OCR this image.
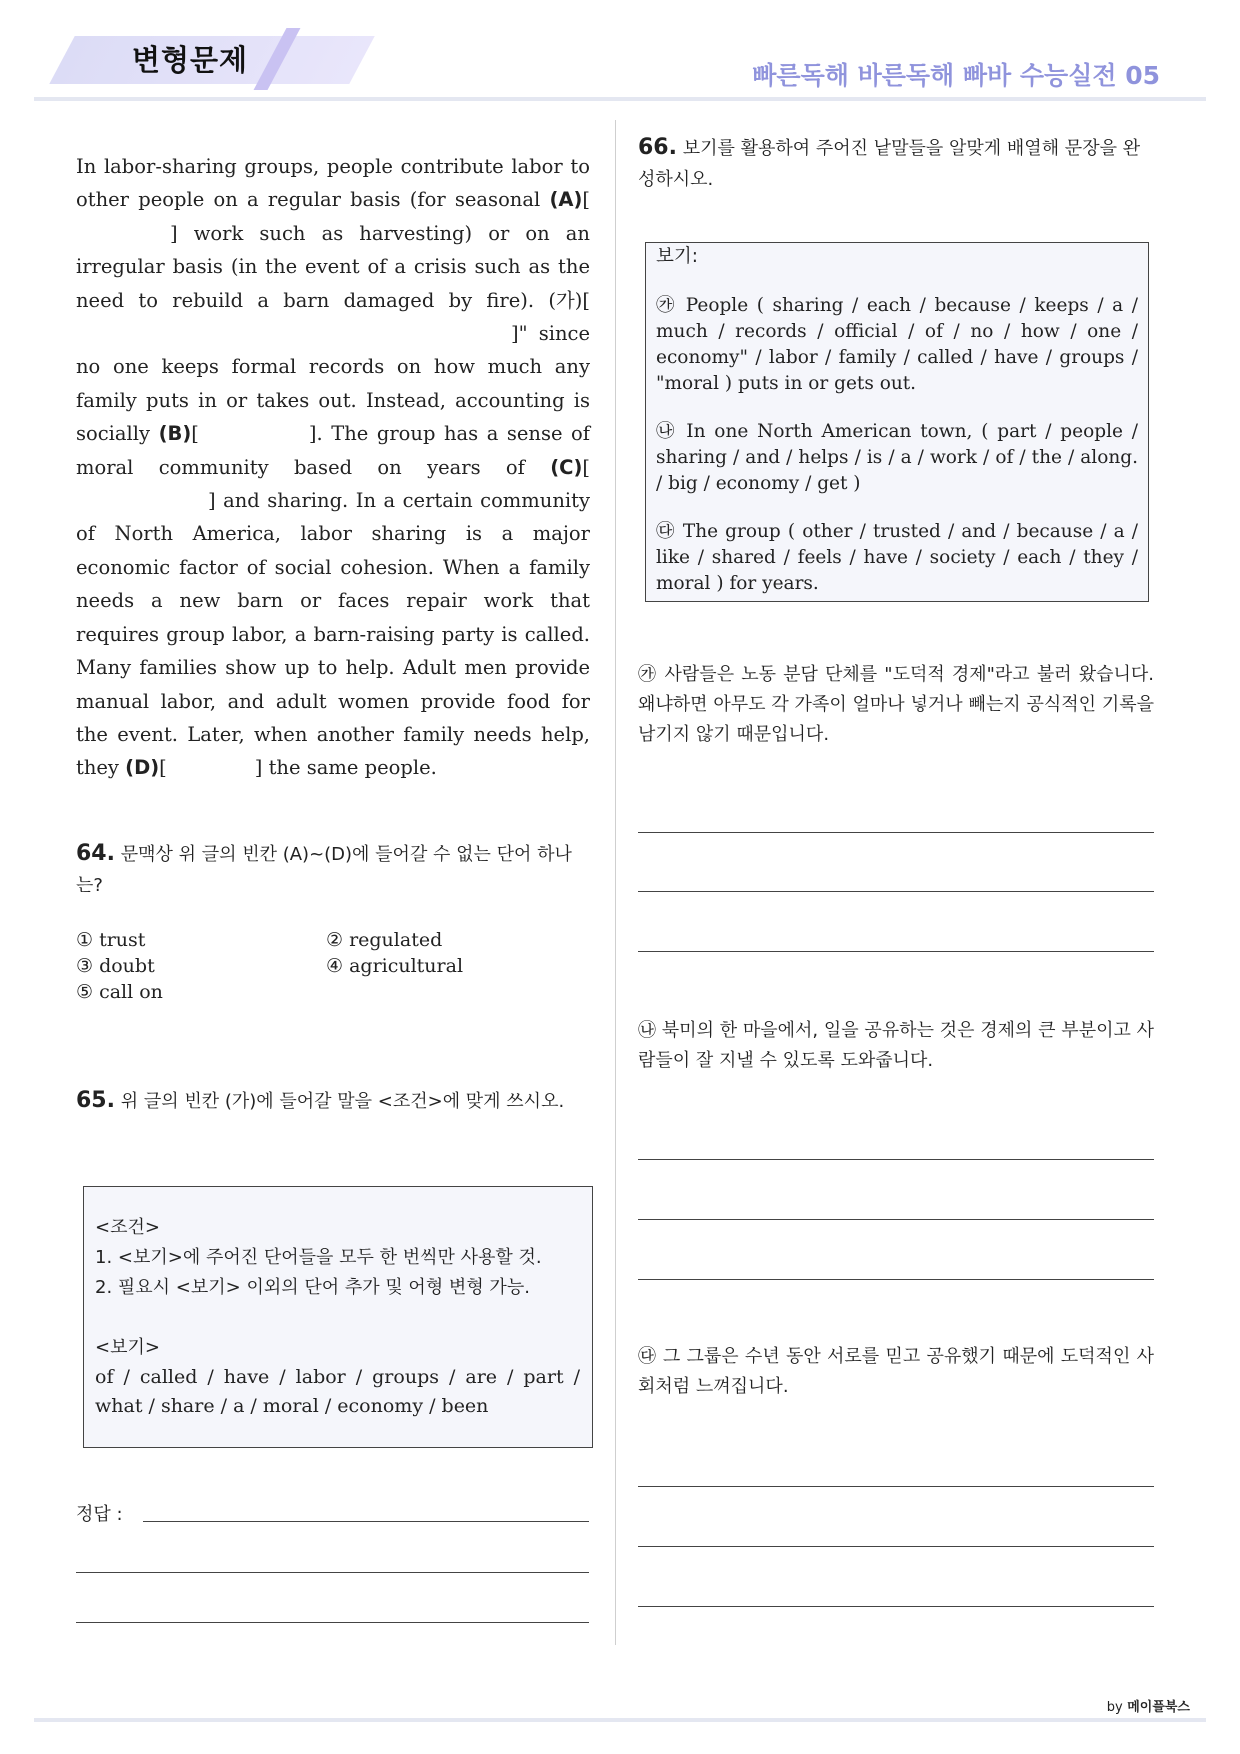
변형문제	빠른독해 바른독해 빠바 수능실전 05

In labor-sharing groups, people contribute labor to other people on a regular basis (for seasonal (A)[] work such as harvesting) or on an irregular basis (in the event of a crisis such as the need to rebuild a barn damaged by fire). (가)[]" since no one keeps formal records on how much any family puts in or takes out. Instead, accounting is socially (B)[	]. The group has a sense of moral community based on years of (C)[] and sharing. In a certain community of North America, labor sharing is a major economic factor of social cohesion. When a family needs a new barn or faces repair work that requires group labor, a barn-raising party is called. Many families show up to help. Adult men provide manual labor, and adult women provide food for the event. Later, when another family needs help, they (D)[	] the same people.

64. 문맥상 위 글의 빈칸 (A)~(D)에 들어갈 수 없는 단어 하나는?

① trust	② regulated
③ doubt	④ agricultural
⑤ call on

65. 위 글의 빈칸 (가)에 들어갈 말을 <조건>에 맞게 쓰시오.

<조건>
1. <보기>에 주어진 단어들을 모두 한 번씩만 사용할 것.
2. 필요시 <보기> 이외의 단어 추가 및 어형 변형 가능.
<보기>
of / called / have / labor / groups / are / part / what / share / a / moral / economy / been
정답 :

66. 보기를 활용하여 주어진 낱말들을 알맞게 배열해 문장을 완성하시오.

보기:
㉮ People ( sharing / each / because / keeps / a / much / records / official / of / no / how / one / economy" / labor / family / called / have / groups / "moral ) puts in or gets out.
㉯ In one North American town, ( part / people / sharing / and / helps / is / a / work / of / the / along. / big / economy / get )
㉰ The group ( other / trusted / and / because / a / like / shared / feels / have / society / each / they / moral ) for years.

㉮ 사람들은 노동 분담 단체를 "도덕적 경제"라고 불러 왔습니다. 왜냐하면 아무도 각 가족이 얼마나 넣거나 빼는지 공식적인 기록을 남기지 않기 때문입니다.

㉯ 북미의 한 마을에서, 일을 공유하는 것은 경제의 큰 부분이고 사람들이 잘 지낼 수 있도록 도와줍니다.

㉰ 그 그룹은 수년 동안 서로를 믿고 공유했기 때문에 도덕적인 사회처럼 느껴집니다.

by 메이플북스
